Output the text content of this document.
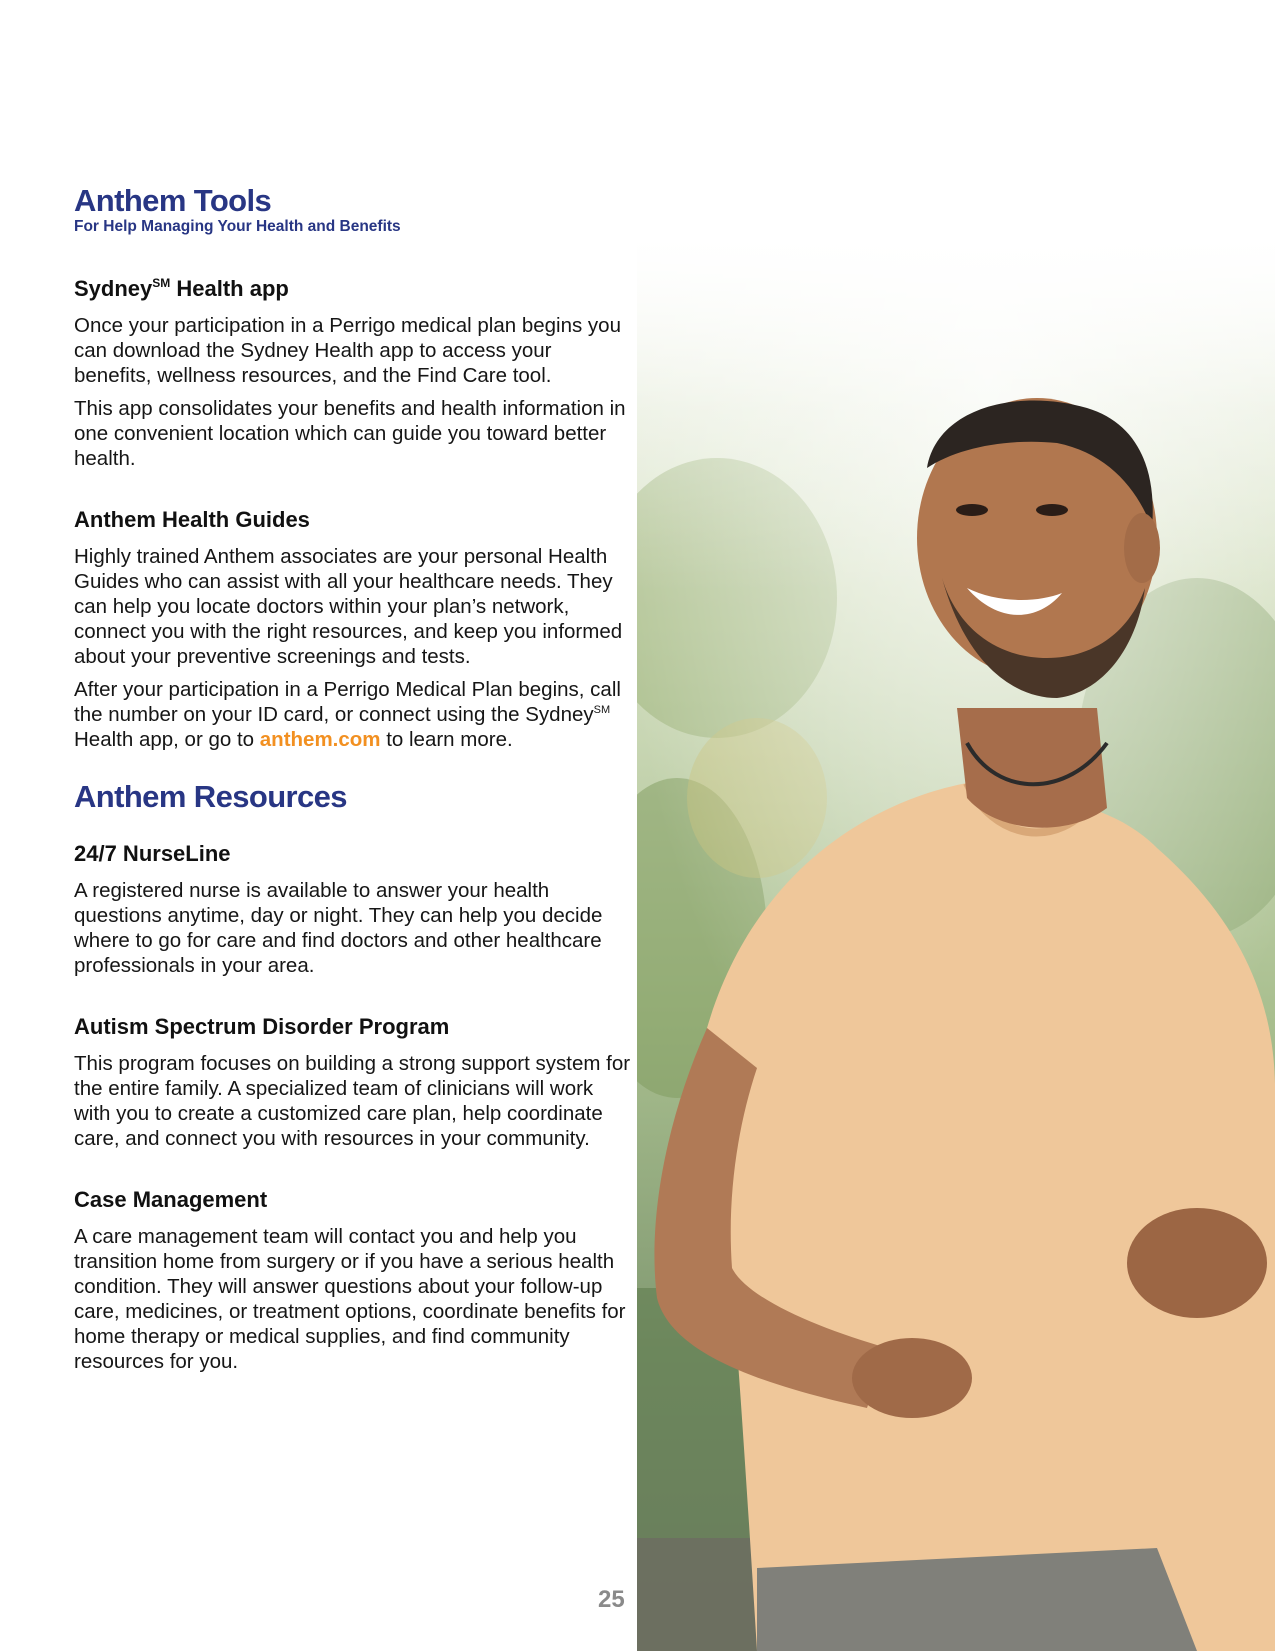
Anthem Tools
For Help Managing Your Health and Benefits
Sydney℠ Health app

Once your participation in a Perrigo medical plan begins you can download the Sydney Health app to access your benefits, wellness resources, and the Find Care tool.

This app consolidates your benefits and health information in one convenient location which can guide you toward better health.

Anthem Health Guides

Highly trained Anthem associates are your personal Health Guides who can assist with all your healthcare needs. They can help you locate doctors within your plan’s network, connect you with the right resources, and keep you informed about your preventive screenings and tests.

After your participation in a Perrigo Medical Plan begins, call the number on your ID card, or connect using the Sydney℠ Health app, or go to anthem.com to learn more.

Anthem Resources
24/7 NurseLine

A registered nurse is available to answer your health questions anytime, day or night. They can help you decide where to go for care and find doctors and other healthcare professionals in your area.

Autism Spectrum Disorder Program

This program focuses on building a strong support system for the entire family. A specialized team of clinicians will work with you to create a customized care plan, help coordinate care, and connect you with resources in your community.

Case Management

A care management team will contact you and help you transition home from surgery or if you have a serious health condition. They will answer questions about your follow-up care, medicines, or treatment options, coordinate benefits for home therapy or medical supplies, and find community resources for you.

25
